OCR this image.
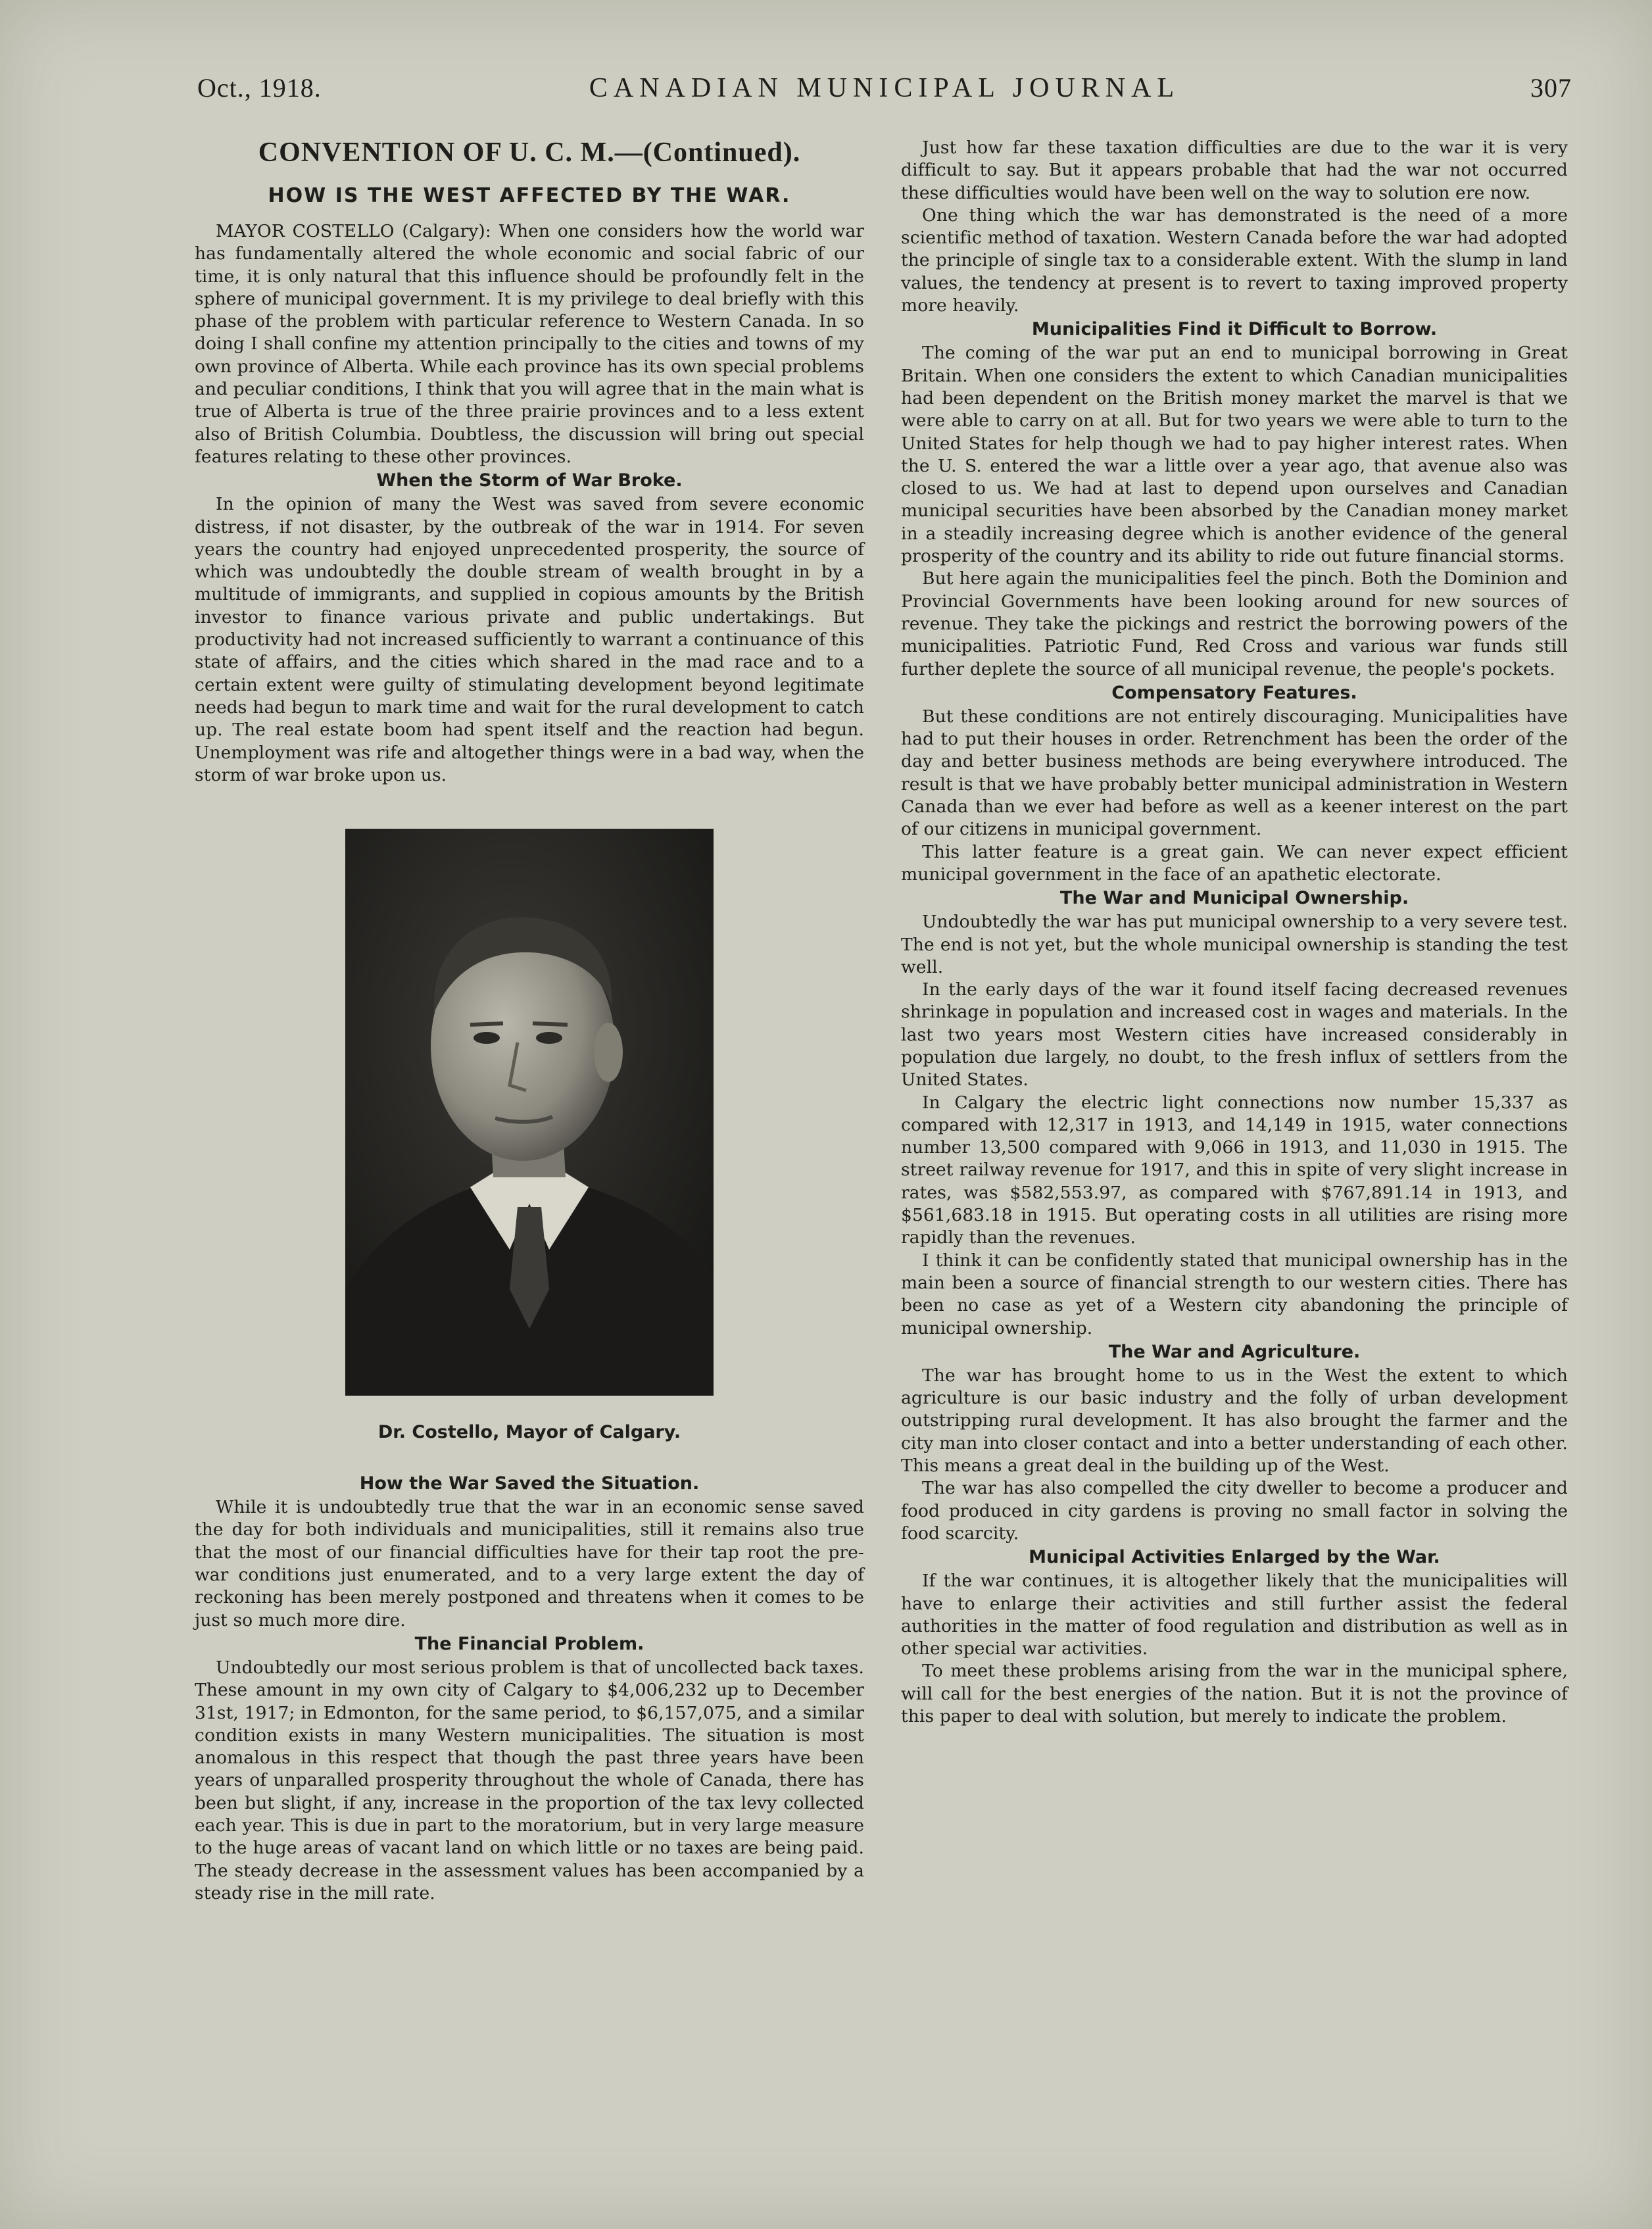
Oct., 1918.	CANADIAN MUNICIPAL JOURNAL	307
CONVENTION OF U. C. M.—(Continued).
HOW IS THE WEST AFFECTED BY THE WAR.

MAYOR COSTELLO (Calgary): When one considers how the world war has fundamentally altered the whole economic and social fabric of our time, it is only natural that this influence should be profoundly felt in the sphere of municipal government. It is my privilege to deal briefly with this phase of the problem with particular reference to Western Canada. In so doing I shall confine my attention principally to the cities and towns of my own province of Alberta. While each province has its own special problems and peculiar conditions, I think that you will agree that in the main what is true of Alberta is true of the three prairie provinces and to a less extent also of British Columbia. Doubtless, the discussion will bring out special features relating to these other provinces.

When the Storm of War Broke.

In the opinion of many the West was saved from severe economic distress, if not disaster, by the outbreak of the war in 1914. For seven years the country had enjoyed unprecedented prosperity, the source of which was undoubtedly the double stream of wealth brought in by a multitude of immigrants, and supplied in copious amounts by the British investor to finance various private and public undertakings. But productivity had not increased sufficiently to warrant a continuance of this state of affairs, and the cities which shared in the mad race and to a certain extent were guilty of stimulating development beyond legitimate needs had begun to mark time and wait for the rural development to catch up. The real estate boom had spent itself and the reaction had begun. Unemployment was rife and altogether things were in a bad way, when the storm of war broke upon us.

Dr. Costello, Mayor of Calgary.
How the War Saved the Situation.

While it is undoubtedly true that the war in an economic sense saved the day for both individuals and municipalities, still it remains also true that the most of our financial difficulties have for their tap root the pre-war conditions just enumerated, and to a very large extent the day of reckoning has been merely postponed and threatens when it comes to be just so much more dire.

The Financial Problem.

Undoubtedly our most serious problem is that of uncollected back taxes. These amount in my own city of Calgary to $4,006,232 up to December 31st, 1917; in Edmonton, for the same period, to $6,157,075, and a similar condition exists in many Western municipalities. The situation is most anomalous in this respect that though the past three years have been years of unparalled prosperity throughout the whole of Canada, there has been but slight, if any, increase in the proportion of the tax levy collected each year. This is due in part to the moratorium, but in very large measure to the huge areas of vacant land on which little or no taxes are being paid. The steady decrease in the assessment values has been accompanied by a steady rise in the mill rate.

Just how far these taxation difficulties are due to the war it is very difficult to say. But it appears probable that had the war not occurred these difficulties would have been well on the way to solution ere now.

One thing which the war has demonstrated is the need of a more scientific method of taxation. Western Canada before the war had adopted the principle of single tax to a considerable extent. With the slump in land values, the tendency at present is to revert to taxing improved property more heavily.

Municipalities Find it Difficult to Borrow.

The coming of the war put an end to municipal borrowing in Great Britain. When one considers the extent to which Canadian municipalities had been dependent on the British money market the marvel is that we were able to carry on at all. But for two years we were able to turn to the United States for help though we had to pay higher interest rates. When the U. S. entered the war a little over a year ago, that avenue also was closed to us. We had at last to depend upon ourselves and Canadian municipal securities have been absorbed by the Canadian money market in a steadily increasing degree which is another evidence of the general prosperity of the country and its ability to ride out future financial storms.

But here again the municipalities feel the pinch. Both the Dominion and Provincial Governments have been looking around for new sources of revenue. They take the pickings and restrict the borrowing powers of the municipalities. Patriotic Fund, Red Cross and various war funds still further deplete the source of all municipal revenue, the people's pockets.

Compensatory Features.

But these conditions are not entirely discouraging. Municipalities have had to put their houses in order. Retrenchment has been the order of the day and better business methods are being everywhere introduced. The result is that we have probably better municipal administration in Western Canada than we ever had before as well as a keener interest on the part of our citizens in municipal government.

This latter feature is a great gain. We can never expect efficient municipal government in the face of an apathetic electorate.

The War and Municipal Ownership.

Undoubtedly the war has put municipal ownership to a very severe test. The end is not yet, but the whole municipal ownership is standing the test well.

In the early days of the war it found itself facing decreased revenues shrinkage in population and increased cost in wages and materials. In the last two years most Western cities have increased considerably in population due largely, no doubt, to the fresh influx of settlers from the United States.

In Calgary the electric light connections now number 15,337 as compared with 12,317 in 1913, and 14,149 in 1915, water connections number 13,500 compared with 9,066 in 1913, and 11,030 in 1915. The street railway revenue for 1917, and this in spite of very slight increase in rates, was $582,553.97, as compared with $767,891.14 in 1913, and $561,683.18 in 1915. But operating costs in all utilities are rising more rapidly than the revenues.

I think it can be confidently stated that municipal ownership has in the main been a source of financial strength to our western cities. There has been no case as yet of a Western city abandoning the principle of municipal ownership.

The War and Agriculture.

The war has brought home to us in the West the extent to which agriculture is our basic industry and the folly of urban development outstripping rural development. It has also brought the farmer and the city man into closer contact and into a better understanding of each other. This means a great deal in the building up of the West.

The war has also compelled the city dweller to become a producer and food produced in city gardens is proving no small factor in solving the food scarcity.

Municipal Activities Enlarged by the War.

If the war continues, it is altogether likely that the municipalities will have to enlarge their activities and still further assist the federal authorities in the matter of food regulation and distribution as well as in other special war activities.

To meet these problems arising from the war in the municipal sphere, will call for the best energies of the nation. But it is not the province of this paper to deal with solution, but merely to indicate the problem.
